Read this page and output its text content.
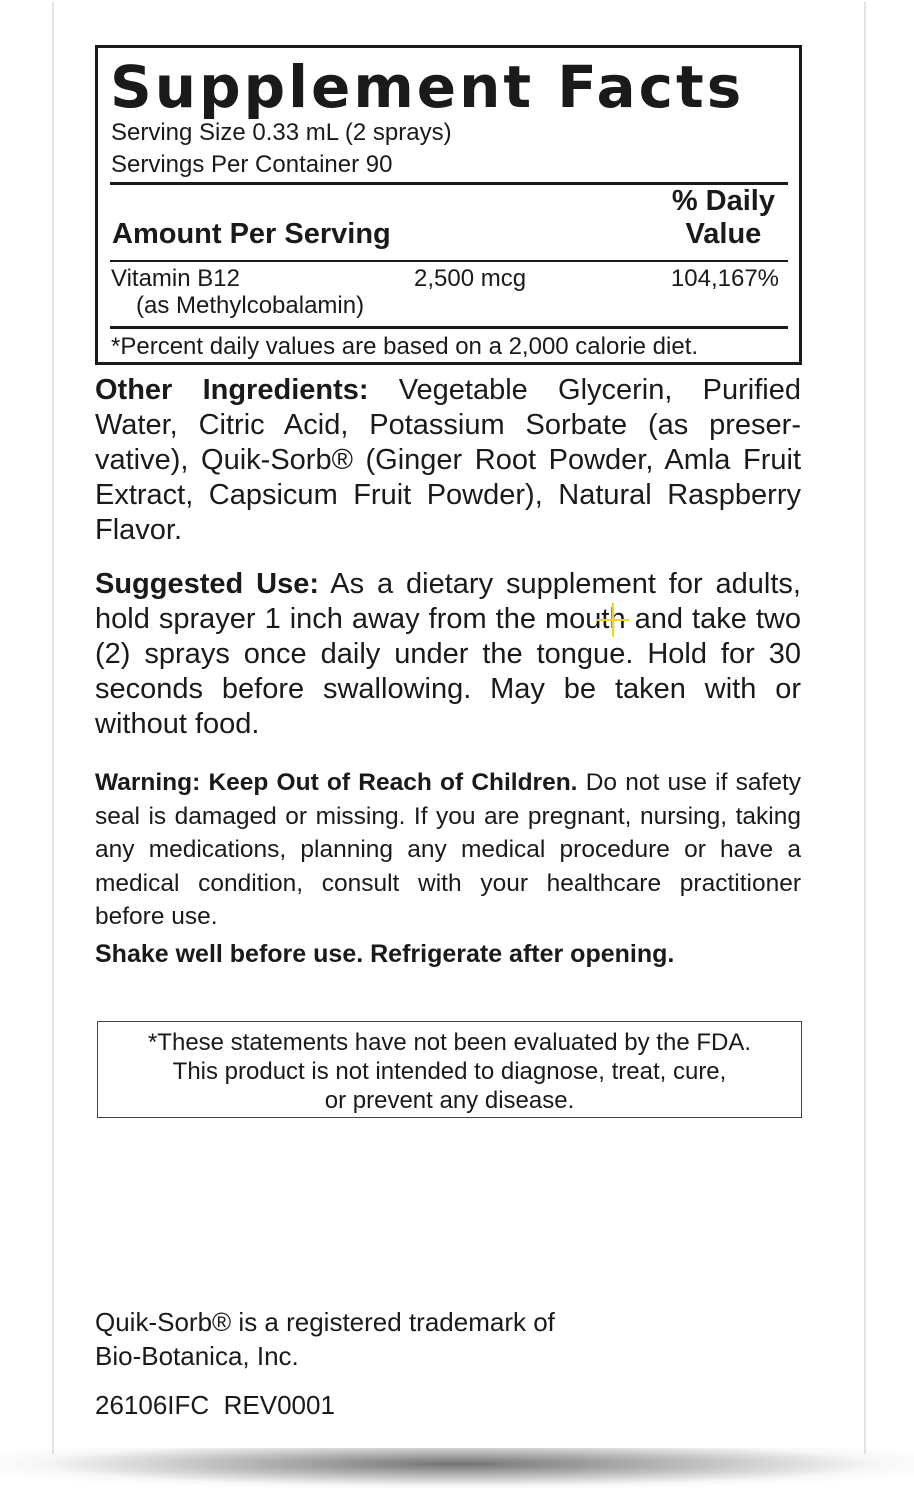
Supplement Facts
Serving Size 0.33 mL (2 sprays)
Servings Per Container 90
Amount Per Serving
% Daily
Value
Vitamin B12
(as Methylcobalamin)
2,500 mcg	104,167%
*Percent daily values are based on a 2,000 calorie diet.

Other Ingredients: Vegetable Glycerin, Purified Water, Citric Acid, Potassium Sorbate (as preser-vative), Quik-Sorb® (Ginger Root Powder, Amla Fruit Extract, Capsicum Fruit Powder), Natural Raspberry Flavor.

Suggested Use: As a dietary supplement for adults, hold sprayer 1 inch away from the mouth and take two (2) sprays once daily under the tongue. Hold for 30 seconds before swallowing. May be taken with or without food.

Warning: Keep Out of Reach of Children. Do not use if safety seal is damaged or missing. If you are pregnant, nursing, taking any medications, planning any medical procedure or have a medical condition, consult with your healthcare practitioner before use.

Shake well before use. Refrigerate after opening.
*These statements have not been evaluated by the FDA.
This product is not intended to diagnose, treat, cure,
or prevent any disease.
Quik-Sorb® is a registered trademark of
Bio-Botanica, Inc.
26106IFC  REV0001
